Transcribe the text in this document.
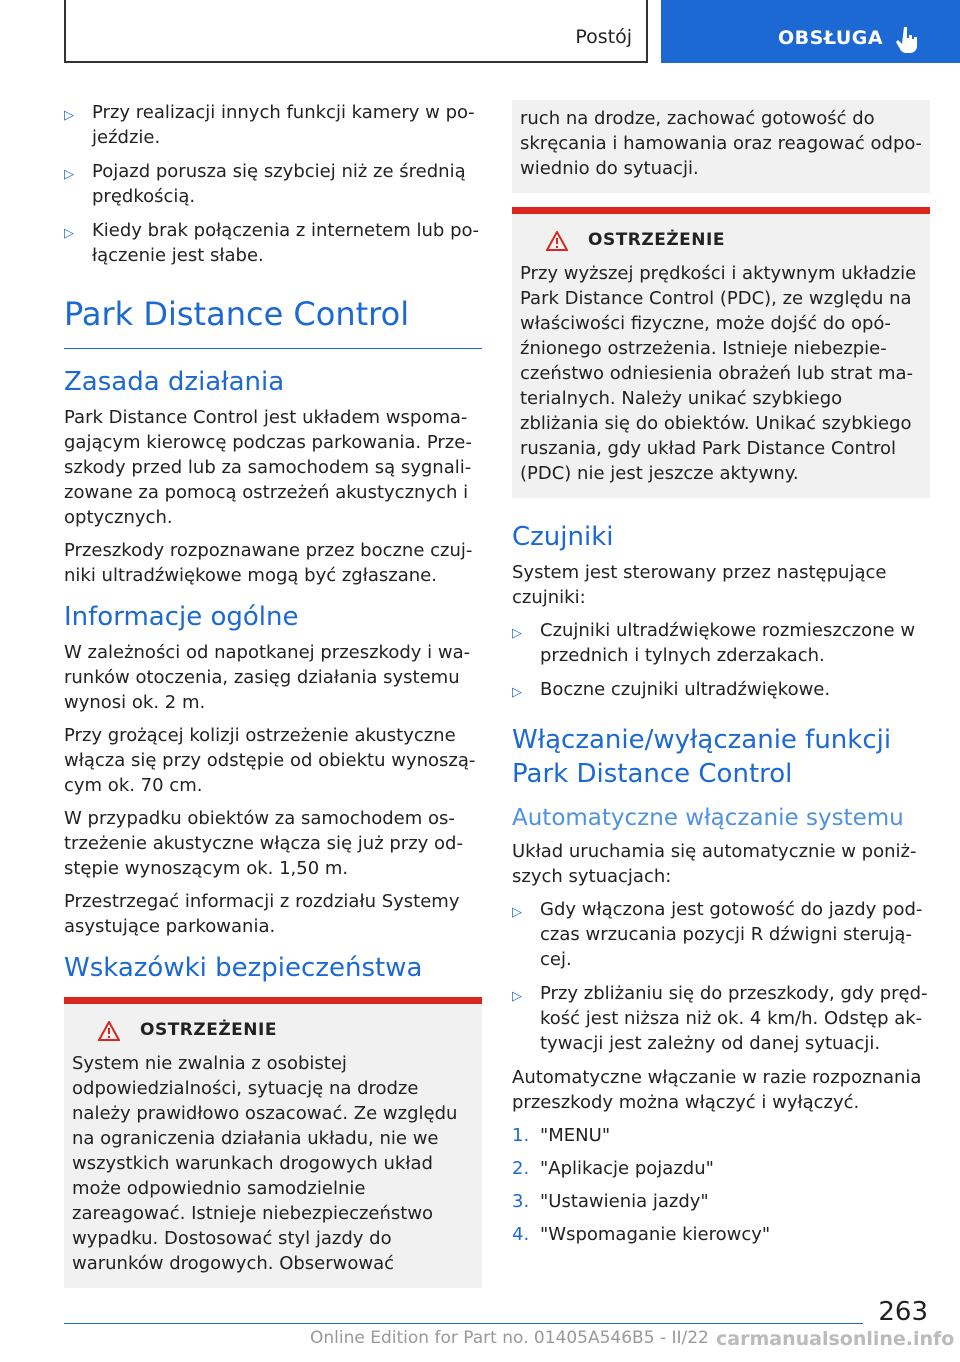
Postój	OBSŁUGA
▷	Przy realizacji innych funkcji kamery w pojeździe.
▷	Pojazd porusza się szybciej niż ze średnią prędkością.
▷	Kiedy brak połączenia z internetem lub połączenie jest słabe.
Park Distance Control
Zasada działania

Park Distance Control jest układem wspomagającym kierowcę podczas parkowania. Przeszkody przed lub za samochodem są sygnalizowane za pomocą ostrzeżeń akustycznych i optycznych.

Przeszkody rozpoznawane przez boczne czujniki ultradźwiękowe mogą być zgłaszane.

Informacje ogólne

W zależności od napotkanej przeszkody i warunków otoczenia, zasięg działania systemu wynosi ok. 2 m.

Przy grożącej kolizji ostrzeżenie akustyczne włącza się przy odstępie od obiektu wynoszącym ok. 70 cm.

W przypadku obiektów za samochodem ostrzeżenie akustyczne włącza się już przy odstępie wynoszącym ok. 1,50 m.

Przestrzegać informacji z rozdziału Systemy asystujące parkowania.

Wskazówki bezpieczeństwa
OSTRZEŻENIE
System nie zwalnia z osobistej odpowiedzialności, sytuację na drodze należy prawidłowo oszacować. Ze względu na ograniczenia działania układu, nie we wszystkich warunkach drogowych układ może odpowiednio samodzielnie zareagować. Istnieje niebezpieczeństwo wypadku. Dostosować styl jazdy do warunków drogowych. Obserwować
ruch na drodze, zachować gotowość do skręcania i hamowania oraz reagować odpowiednio do sytuacji.
OSTRZEŻENIE
Przy wyższej prędkości i aktywnym układzie Park Distance Control (PDC), ze względu na właściwości fizyczne, może dojść do opóźnionego ostrzeżenia. Istnieje niebezpieczeństwo odniesienia obrażeń lub strat materialnych. Należy unikać szybkiego zbliżania się do obiektów. Unikać szybkiego ruszania, gdy układ Park Distance Control (PDC) nie jest jeszcze aktywny.
Czujniki

System jest sterowany przez następujące czujniki:

▷	Czujniki ultradźwiękowe rozmieszczone w przednich i tylnych zderzakach.
▷	Boczne czujniki ultradźwiękowe.
Włączanie/wyłączanie funkcji Park Distance Control
Automatyczne włączanie systemu

Układ uruchamia się automatycznie w poniższych sytuacjach:

▷	Gdy włączona jest gotowość do jazdy podczas wrzucania pozycji R dźwigni sterującej.
▷	Przy zbliżaniu się do przeszkody, gdy prędkość jest niższa niż ok. 4 km/h. Odstęp aktywacji jest zależny od danej sytuacji.

Automatyczne włączanie w razie rozpoznania przeszkody można włączyć i wyłączyć.

1. "MENU"
2. "Aplikacje pojazdu"
3. "Ustawienia jazdy"
4. "Wspomaganie kierowcy"
263
Online Edition for Part no. 01405A546B5 - II/22 carmanualsonline.info
